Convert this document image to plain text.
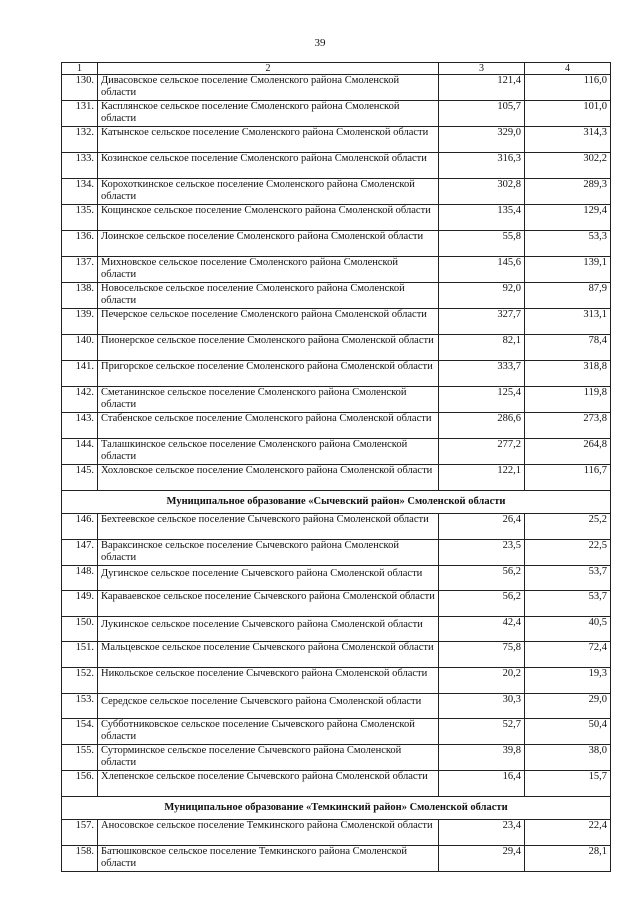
39
1	2	3	4
130.	Дивасовское сельское поселение Смоленского района Смоленской области	121,4	116,0
131.	Касплянское сельское поселение Смоленского района Смоленской области	105,7	101,0
132.	Катынское сельское поселение Смоленского района Смоленской области	329,0	314,3
133.	Козинское сельское поселение Смоленского района Смоленской области	316,3	302,2
134.	Корохоткинское сельское поселение Смоленского района Смоленской области	302,8	289,3
135.	Кощинское сельское поселение Смоленского района Смоленской области	135,4	129,4
136.	Лоинское сельское поселение Смоленского района Смоленской области	55,8	53,3
137.	Михновское сельское поселение Смоленского района Смоленской области	145,6	139,1
138.	Новосельское сельское поселение Смоленского района Смоленской области	92,0	87,9
139.	Печерское сельское поселение Смоленского района Смоленской области	327,7	313,1
140.	Пионерское сельское поселение Смоленского района Смоленской области	82,1	78,4
141.	Пригорское сельское поселение Смоленского района Смоленской области	333,7	318,8
142.	Сметанинское сельское поселение Смоленского района Смоленской области	125,4	119,8
143.	Стабенское сельское поселение Смоленского района Смоленской области	286,6	273,8
144.	Талашкинское сельское поселение Смоленского района Смоленской области	277,2	264,8
145.	Хохловское сельское поселение Смоленского района Смоленской области	122,1	116,7
Муниципальное образование «Сычевский район» Смоленской области			
146.	Бехтеевское сельское поселение Сычевского района Смоленской области	26,4	25,2
147.	Вараксинское сельское поселение Сычевского района Смоленской области	23,5	22,5
148.	Дугинское сельское поселение Сычевского района Смоленской области	56,2	53,7
149.	Караваевское сельское поселение Сычевского района Смоленской области	56,2	53,7
150.	Лукинское сельское поселение Сычевского района Смоленской области	42,4	40,5
151.	Мальцевское сельское поселение Сычевского района Смоленской области	75,8	72,4
152.	Никольское сельское поселение Сычевского района Смоленской области	20,2	19,3
153.	Середское сельское поселение Сычевского района Смоленской области	30,3	29,0
154.	Субботниковское сельское поселение Сычевского района Смоленской области	52,7	50,4
155.	Суторминское сельское поселение Сычевского района Смоленской области	39,8	38,0
156.	Хлепенское сельское поселение Сычевского района Смоленской области	16,4	15,7
Муниципальное образование «Темкинский район» Смоленской области			
157.	Аносовское сельское поселение Темкинского района Смоленской области	23,4	22,4
158.	Батюшковское сельское поселение Темкинского района Смоленской области	29,4	28,1
